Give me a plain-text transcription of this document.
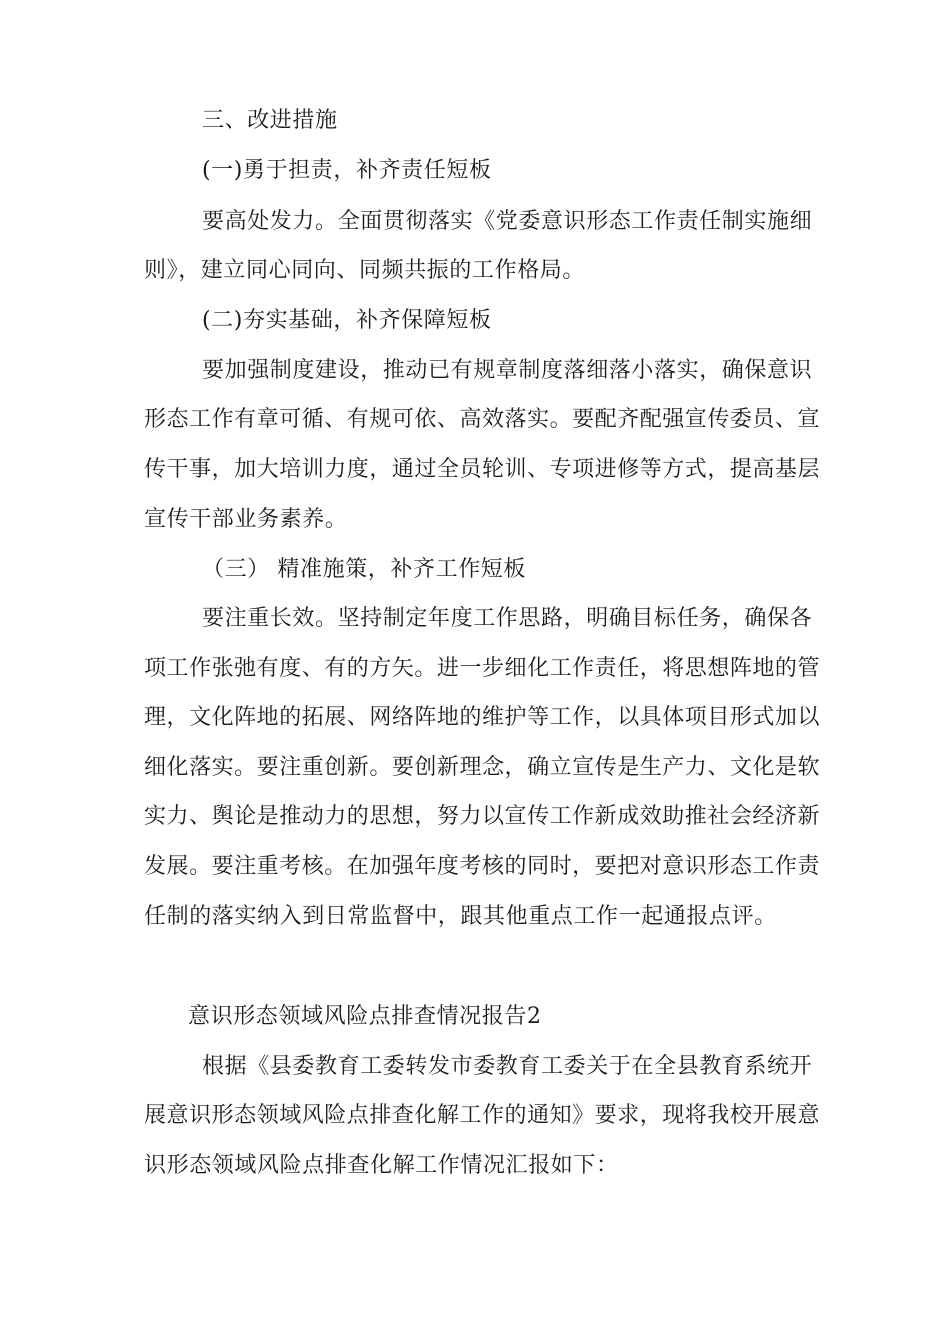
三、改进措施
(一)勇于担责，补齐责任短板
要高处发力。全面贯彻落实《党委意识形态工作责任制实施细
则》，建立同心同向、同频共振的工作格局。
(二)夯实基础，补齐保障短板
要加强制度建设，推动已有规章制度落细落小落实，确保意识
形态工作有章可循、有规可依、高效落实。要配齐配强宣传委员、宣
传干事，加大培训力度，通过全员轮训、专项进修等方式，提高基层
宣传干部业务素养。
（三） 精准施策，补齐工作短板
要注重长效。坚持制定年度工作思路，明确目标任务，确保各
项工作张弛有度、有的方矢。进一步细化工作责任，将思想阵地的管
理，文化阵地的拓展、网络阵地的维护等工作，以具体项目形式加以
细化落实。要注重创新。要创新理念，确立宣传是生产力、文化是软
实力、舆论是推动力的思想，努力以宣传工作新成效助推社会经济新
发展。要注重考核。在加强年度考核的同时，要把对意识形态工作责
任制的落实纳入到日常监督中，跟其他重点工作一起通报点评。
意识形态领域风险点排查情况报告2
根据《县委教育工委转发市委教育工委关于在全县教育系统开
展意识形态领域风险点排查化解工作的通知》要求，现将我校开展意
识形态领域风险点排查化解工作情况汇报如下：
